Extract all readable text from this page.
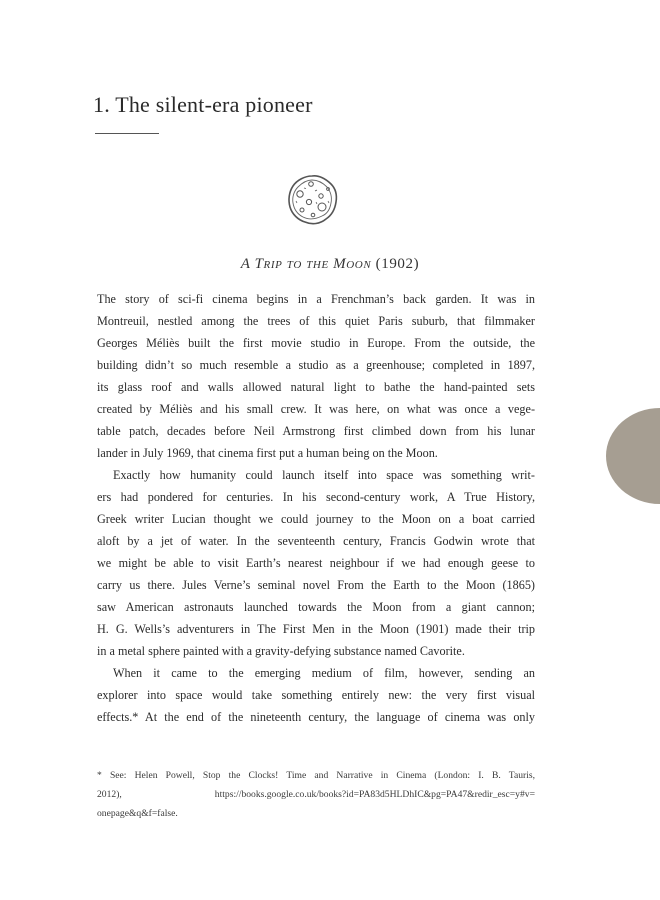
1. The silent-era pioneer
A Trip to the Moon (1902)
The story of sci-fi cinema begins in a Frenchman’s back garden. It was in
Montreuil, nestled among the trees of this quiet Paris suburb, that filmmaker
Georges Méliès built the first movie studio in Europe. From the outside, the
building didn’t so much resemble a studio as a greenhouse; completed in 1897,
its glass roof and walls allowed natural light to bathe the hand-painted sets
created by Méliès and his small crew. It was here, on what was once a vege-
table patch, decades before Neil Armstrong first climbed down from his lunar
lander in July 1969, that cinema first put a human being on the Moon.
Exactly how humanity could launch itself into space was something writ-
ers had pondered for centuries. In his second-century work, A True History,
Greek writer Lucian thought we could journey to the Moon on a boat carried
aloft by a jet of water. In the seventeenth century, Francis Godwin wrote that
we might be able to visit Earth’s nearest neighbour if we had enough geese to
carry us there. Jules Verne’s seminal novel From the Earth to the Moon (1865)
saw American astronauts launched towards the Moon from a giant cannon;
H. G. Wells’s adventurers in The First Men in the Moon (1901) made their trip
in a metal sphere painted with a gravity-defying substance named Cavorite.
When it came to the emerging medium of film, however, sending an
explorer into space would take something entirely new: the very first visual
effects.* At the end of the nineteenth century, the language of cinema was only
* See: Helen Powell, Stop the Clocks! Time and Narrative in Cinema (London: I. B. Tauris,
2012), https://books.google.co.uk/books?id=PA83d5HLDhIC&pg=PA47&redir_esc=y#v=
onepage&q&f=false.
